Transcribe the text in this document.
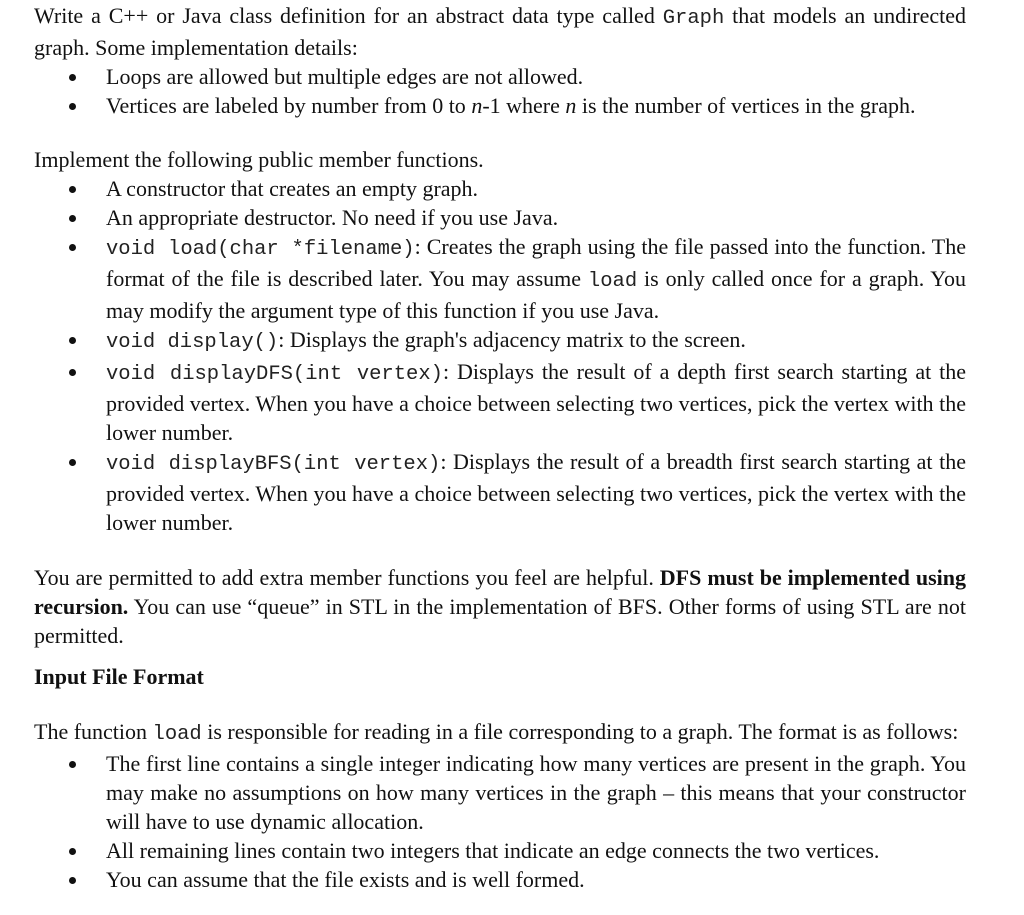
Write a C++ or Java class definition for an abstract data type called Graph that models an undirected graph. Some implementation details:

Loops are allowed but multiple edges are not allowed.
Vertices are labeled by number from 0 to n-1 where n is the number of vertices in the graph.

Implement the following public member functions.

A constructor that creates an empty graph.
An appropriate destructor. No need if you use Java.
void load(char *filename): Creates the graph using the file passed into the function. The format of the file is described later. You may assume load is only called once for a graph. You may modify the argument type of this function if you use Java.
void display(): Displays the graph's adjacency matrix to the screen.
void displayDFS(int vertex): Displays the result of a depth first search starting at the provided vertex. When you have a choice between selecting two vertices, pick the vertex with the lower number.
void displayBFS(int vertex): Displays the result of a breadth first search starting at the provided vertex. When you have a choice between selecting two vertices, pick the vertex with the lower number.

You are permitted to add extra member functions you feel are helpful. DFS must be implemented using recursion. You can use “queue” in STL in the implementation of BFS. Other forms of using STL are not permitted.

Input File Format

The function load is responsible for reading in a file corresponding to a graph. The format is as follows:

The first line contains a single integer indicating how many vertices are present in the graph. You may make no assumptions on how many vertices in the graph – this means that your constructor will have to use dynamic allocation.
All remaining lines contain two integers that indicate an edge connects the two vertices.
You can assume that the file exists and is well formed.
